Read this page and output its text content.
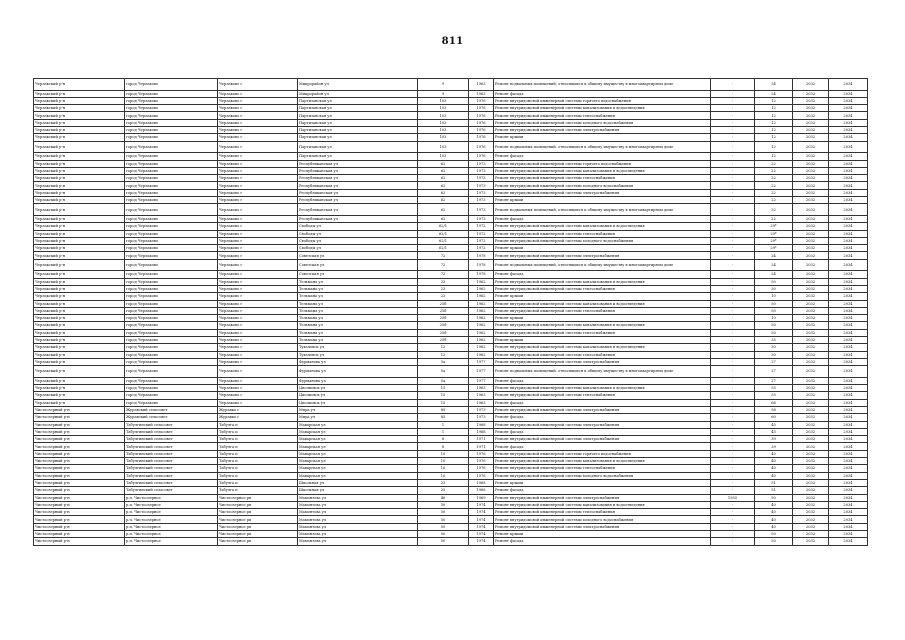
811
Черлакский р-н	город Черлаково	Черлаково г	Микрорайон ул	9	1963	Ремонт подвальных помещений, относящихся к общему имуществу в многоквартирном доме	-	24	2032	2034
Черлакский р-н	город Черлаково	Черлаково г	Микрорайон ул	9	1963	Ремонт фасада	-	24	2032	2034
Черлакский р-н	город Черлаково	Черлаково г	Партизанская ул	103	1976	Ремонт внутридомовой инженерной системы горячего водоснабжения	-	12	2032	2034
Черлакский р-н	город Черлаково	Черлаково г	Партизанская ул	103	1976	Ремонт внутридомовой инженерной системы канализования и водоотведения	-	12	2032	2034
Черлакский р-н	город Черлаково	Черлаково г	Партизанская ул	103	1976	Ремонт внутридомовой инженерной системы теплоснабжения	-	12	2032	2034
Черлакский р-н	город Черлаково	Черлаково г	Партизанская ул	103	1976	Ремонт внутридомовой инженерной системы холодного водоснабжения	-	12	2032	2034
Черлакский р-н	город Черлаково	Черлаково г	Партизанская ул	103	1976	Ремонт внутридомовой инженерной системы электроснабжения	-	12	2032	2034
Черлакский р-н	город Черлаково	Черлаково г	Партизанская ул	103	1976	Ремонт крыши	-	12	2032	2034
Черлакский р-н	город Черлаково	Черлаково г	Партизанская ул	103	1976	Ремонт подвальных помещений, относящихся к общему имуществу в многоквартирном доме	-	12	2032	2034
Черлакский р-н	город Черлаково	Черлаково г	Партизанская ул	103	1976	Ремонт фасада	-	12	2032	2034
Черлакский р-н	город Черлаково	Черлаково г	Республиканская ул	62	1973	Ремонт внутридомовой инженерной системы горячего водоснабжения	-	22	2032	2034
Черлакский р-н	город Черлаково	Черлаково г	Республиканская ул	62	1973	Ремонт внутридомовой инженерной системы канализования и водоотведения	-	22	2032	2034
Черлакский р-н	город Черлаково	Черлаково г	Республиканская ул	62	1973	Ремонт внутридомовой инженерной системы теплоснабжения	-	22	2032	2034
Черлакский р-н	город Черлаково	Черлаково г	Республиканская ул	62	1973	Ремонт внутридомовой инженерной системы холодного водоснабжения	-	22	2032	2034
Черлакский р-н	город Черлаково	Черлаково г	Республиканская ул	62	1973	Ремонт внутридомовой инженерной системы электроснабжения	-	22	2032	2034
Черлакский р-н	город Черлаково	Черлаково г	Республиканская ул	62	1973	Ремонт крыши	-	22	2032	2034
Черлакский р-н	город Черлаково	Черлаково г	Республиканская ул	62	1973	Ремонт подвальных помещений, относящихся к общему имуществу в многоквартирном доме	-	22	2032	2034
Черлакский р-н	город Черлаково	Черлаково г	Республиканская ул	62	1973	Ремонт фасада	-	22	2032	2034
Черлакский р-н	город Черлаково	Черлаково г	Свободы ул	62/1	1972	Ремонт внутридомовой инженерной системы канализования и водоотведения	-	29*	2032	2034
Черлакский р-н	город Черлаково	Черлаково г	Свободы ул	62/1	1972	Ремонт внутридомовой инженерной системы теплоснабжения	-	29*	2032	2034
Черлакский р-н	город Черлаково	Черлаково г	Свободы ул	62/1	1972	Ремонт внутридомовой инженерной системы холодного водоснабжения	-	29*	2032	2034
Черлакский р-н	город Черлаково	Черлаково г	Свободы ул	62/1	1972	Ремонт крыши	-	29*	2032	2034
Черлакский р-н	город Черлаково	Черлаково г	Советская ул	72	1978	Ремонт внутридомовой инженерной системы электроснабжения	-	24	2032	2034
Черлакский р-н	город Черлаково	Черлаково г	Советская ул	72	1978	Ремонт подвальных помещений, относящихся к общему имуществу в многоквартирном доме	-	24	2032	2034
Черлакский р-н	город Черлаково	Черлаково г	Советская ул	72	1978	Ремонт фасада	-	24	2032	2034
Черлакский р-н	город Черлаково	Черлаково г	Тельмана ул	23	1962	Ремонт внутридомовой инженерной системы канализования и водоотведения	-	50	2032	2034
Черлакский р-н	город Черлаково	Черлаково г	Тельмана ул	23	1962	Ремонт внутридомовой инженерной системы теплоснабжения	-	50	2032	2034
Черлакский р-н	город Черлаково	Черлаково г	Тельмана ул	23	1962	Ремонт крыши	-	10	2032	2034
Черлакский р-н	город Черлаково	Черлаково г	Тельмана ул	25б	1962	Ремонт внутридомовой инженерной системы канализования и водоотведения	-	50	2032	2034
Черлакский р-н	город Черлаково	Черлаково г	Тельмана ул	25б	1962	Ремонт внутридомовой инженерной системы теплоснабжения	-	50	2032	2034
Черлакский р-н	город Черлаково	Черлаково г	Тельмана ул	25б	1962	Ремонт крыши	-	10	2032	2034
Черлакский р-н	город Черлаково	Черлаково г	Тельмана ул	25б	1962	Ремонт внутридомовой инженерной системы канализования и водоотведения	-	50	2032	2034
Черлакский р-н	город Черлаково	Черлаково г	Тельмана ул	25б	1962	Ремонт внутридомовой инженерной системы теплоснабжения	-	50	2032	2034
Черлакский р-н	город Черлаково	Черлаково г	Тельмана ул	25б	1962	Ремонт крыши	-	35	2032	2034
Черлакский р-н	город Черлаково	Черлаково г	Тухачевск ул	12	1962	Ремонт внутридомовой инженерной системы канализования и водоотведения	-	30	2032	2034
Черлакский р-н	город Черлаково	Черлаково г	Тухачевск ул	12	1962	Ремонт внутридомовой инженерной системы теплоснабжения	-	30	2032	2034
Черлакский р-н	город Черлаково	Черлаково г	Фурманова ул	5а	1977	Ремонт внутридомовой инженерной системы электроснабжения	-	27	2032	2034
Черлакский р-н	город Черлаково	Черлаково г	Фурманова ул	5а	1977	Ремонт подвальных помещений, относящихся к общему имуществу в многоквартирном доме	-	27	2032	2034
Черлакский р-н	город Черлаково	Черлаково г	Фурманова ул	5а	1977	Ремонт фасада	-	27	2032	2034
Черлакский р-н	город Черлаково	Черлаково г	Циолковск ул	15	1963	Ремонт внутридомовой инженерной системы канализования и водоотведения	-	55	2032	2034
Черлакский р-н	город Черлаково	Черлаково г	Циолковск ул	15	1963	Ремонт внутридомовой инженерной системы теплоснабжения	-	55	2032	2034
Черлакский р-н	город Черлаково	Черлаково г	Циолковск ул	15	1963	Ремонт фасада	-	66	2032	2034
Чистоозерный р-н	Журавский сельсовет	Журавка с	Мира ул	85	1973	Ремонт внутридомовой инженерной системы электроснабжения	-	58	2032	2034
Чистоозерный р-н	Журавский сельсовет	Журавка с	Мира ул	85	1973	Ремонт фасада	-	60	2032	2034
Чистоозерный р-н	Табулгинский сельсовет	Табулга п	Маварская ул	1	1968	Ремонт внутридомовой инженерной системы электроснабжения	-	45	2032	2034
Чистоозерный р-н	Табулгинский сельсовет	Табулга п	Маварская ул	1	1968	Ремонт фасада	-	45	2032	2034
Чистоозерный р-н	Табулгинский сельсовет	Табулга п	Маварская ул	8	1971	Ремонт внутридомовой инженерной системы электроснабжения	-	39	2032	2034
Чистоозерный р-н	Табулгинский сельсовет	Табулга п	Маварская ул	8	1971	Ремонт фасада	-	39	2032	2034
Чистоозерный р-н	Табулгинский сельсовет	Табулга п	Маварская ул	10	1976	Ремонт внутридомовой инженерной системы горячего водоснабжения	-	40	2032	2034
Чистоозерный р-н	Табулгинский сельсовет	Табулга п	Маварская ул	10	1976	Ремонт внутридомовой инженерной системы канализования и водоотведения	-	40	2032	2034
Чистоозерный р-н	Табулгинский сельсовет	Табулга п	Маварская ул	10	1976	Ремонт внутридомовой инженерной системы теплоснабжения	-	40	2032	2034
Чистоозерный р-н	Табулгинский сельсовет	Табулга п	Маварская ул	10	1976	Ремонт внутридомовой инженерной системы холодного водоснабжения	-	40	2032	2034
Чистоозерный р-н	Табулгинский сельсовет	Табулга п	Школьная ул	25	1968	Ремонт крыши	-	51	2032	2034
Чистоозерный р-н	Табулгинский сельсовет	Табулга п	Школьная ул	25	1968	Ремонт фасада	-	51	2032	2034
Чистоозерный р-н	р.п. Чистоозерное	Чистоозерное рп	Мамонтова ул	46	1969	Ремонт внутридомовой инженерной системы электроснабжения	1955	50	2032	2034
Чистоозерный р-н	р.п. Чистоозерное	Чистоозерное рп	Мамонтова ул	50	1974	Ремонт внутридомовой инженерной системы канализования и водоотведения	-	40	2032	2034
Чистоозерный р-н	р.п. Чистоозерное	Чистоозерное рп	Мамонтова ул	50	1974	Ремонт внутридомовой инженерной системы теплоснабжения	-	40	2032	2034
Чистоозерный р-н	р.п. Чистоозерное	Чистоозерное рп	Мамонтова ул	50	1974	Ремонт внутридомовой инженерной системы холодного водоснабжения	-	40	2032	2034
Чистоозерный р-н	р.п. Чистоозерное	Чистоозерное рп	Мамонтова ул	50	1974	Ремонт внутридомовой инженерной системы электроснабжения	-	40	2032	2034
Чистоозерный р-н	р.п. Чистоозерное	Чистоозерное рп	Мамонтова ул	50	1974	Ремонт крыши	-	50	2032	2034
Чистоозерный р-н	р.п. Чистоозерное	Чистоозерное рп	Мамонтова ул	50	1974	Ремонт фасада	-	50	2032	2034
